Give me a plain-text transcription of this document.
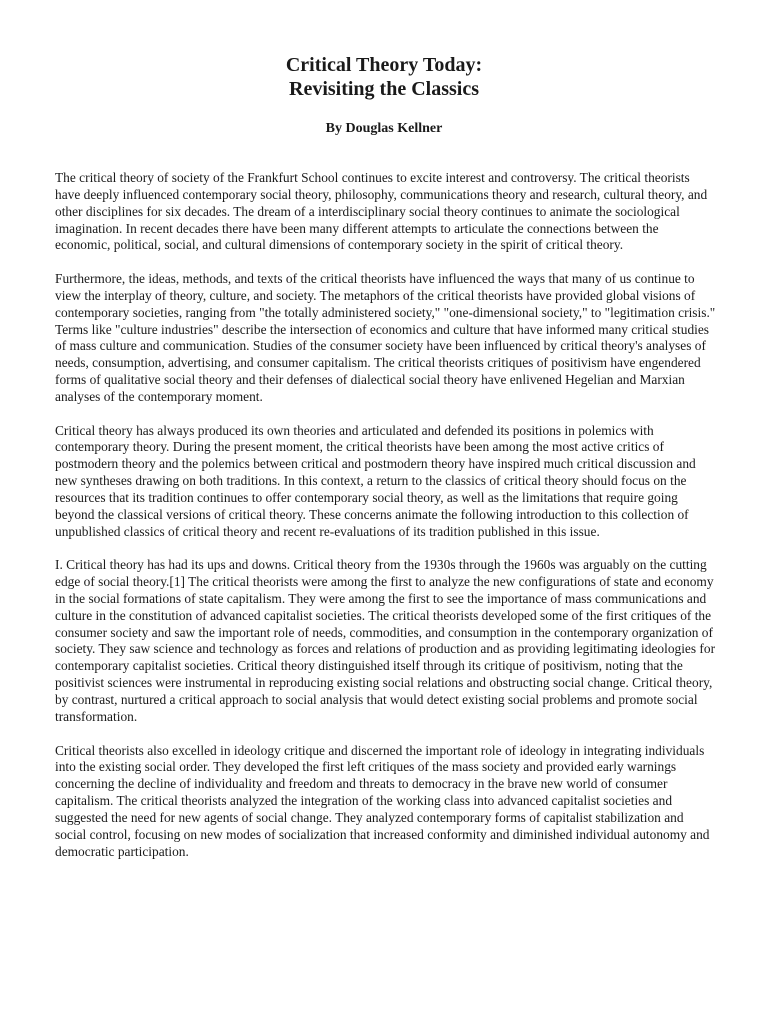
Critical Theory Today:
Revisiting the Classics

By Douglas Kellner

The critical theory of society of the Frankfurt School continues to excite interest and controversy. The critical theorists have deeply influenced contemporary social theory, philosophy, communications theory and research, cultural theory, and other disciplines for six decades. The dream of a interdisciplinary social theory continues to animate the sociological imagination. In recent decades there have been many different attempts to articulate the connections between the economic, political, social, and cultural dimensions of contemporary society in the spirit of critical theory.

Furthermore, the ideas, methods, and texts of the critical theorists have influenced the ways that many of us continue to view the interplay of theory, culture, and society. The metaphors of the critical theorists have provided global visions of contemporary societies, ranging from "the totally administered society," "one-dimensional society," to "legitimation crisis." Terms like "culture industries" describe the intersection of economics and culture that have informed many critical studies of mass culture and communication. Studies of the consumer society have been influenced by critical theory's analyses of needs, consumption, advertising, and consumer capitalism. The critical theorists critiques of positivism have engendered forms of qualitative social theory and their defenses of dialectical social theory have enlivened Hegelian and Marxian analyses of the contemporary moment.

Critical theory has always produced its own theories and articulated and defended its positions in polemics with contemporary theory. During the present moment, the critical theorists have been among the most active critics of postmodern theory and the polemics between critical and postmodern theory have inspired much critical discussion and new syntheses drawing on both traditions. In this context, a return to the classics of critical theory should focus on the resources that its tradition continues to offer contemporary social theory, as well as the limitations that require going beyond the classical versions of critical theory. These concerns animate the following introduction to this collection of unpublished classics of critical theory and recent re-evaluations of its tradition published in this issue.

I. Critical theory has had its ups and downs. Critical theory from the 1930s through the 1960s was arguably on the cutting edge of social theory.[1] The critical theorists were among the first to analyze the new configurations of state and economy in the social formations of state capitalism. They were among the first to see the importance of mass communications and culture in the constitution of advanced capitalist societies. The critical theorists developed some of the first critiques of the consumer society and saw the important role of needs, commodities, and consumption in the contemporary organization of society. They saw science and technology as forces and relations of production and as providing legitimating ideologies for contemporary capitalist societies. Critical theory distinguished itself through its critique of positivism, noting that the positivist sciences were instrumental in reproducing existing social relations and obstructing social change. Critical theory, by contrast, nurtured a critical approach to social analysis that would detect existing social problems and promote social transformation.

Critical theorists also excelled in ideology critique and discerned the important role of ideology in integrating individuals into the existing social order. They developed the first left critiques of the mass society and provided early warnings concerning the decline of individuality and freedom and threats to democracy in the brave new world of consumer capitalism. The critical theorists analyzed the integration of the working class into advanced capitalist societies and suggested the need for new agents of social change. They analyzed contemporary forms of capitalist stabilization and social control, focusing on new modes of socialization that increased conformity and diminished individual autonomy and democratic participation.
